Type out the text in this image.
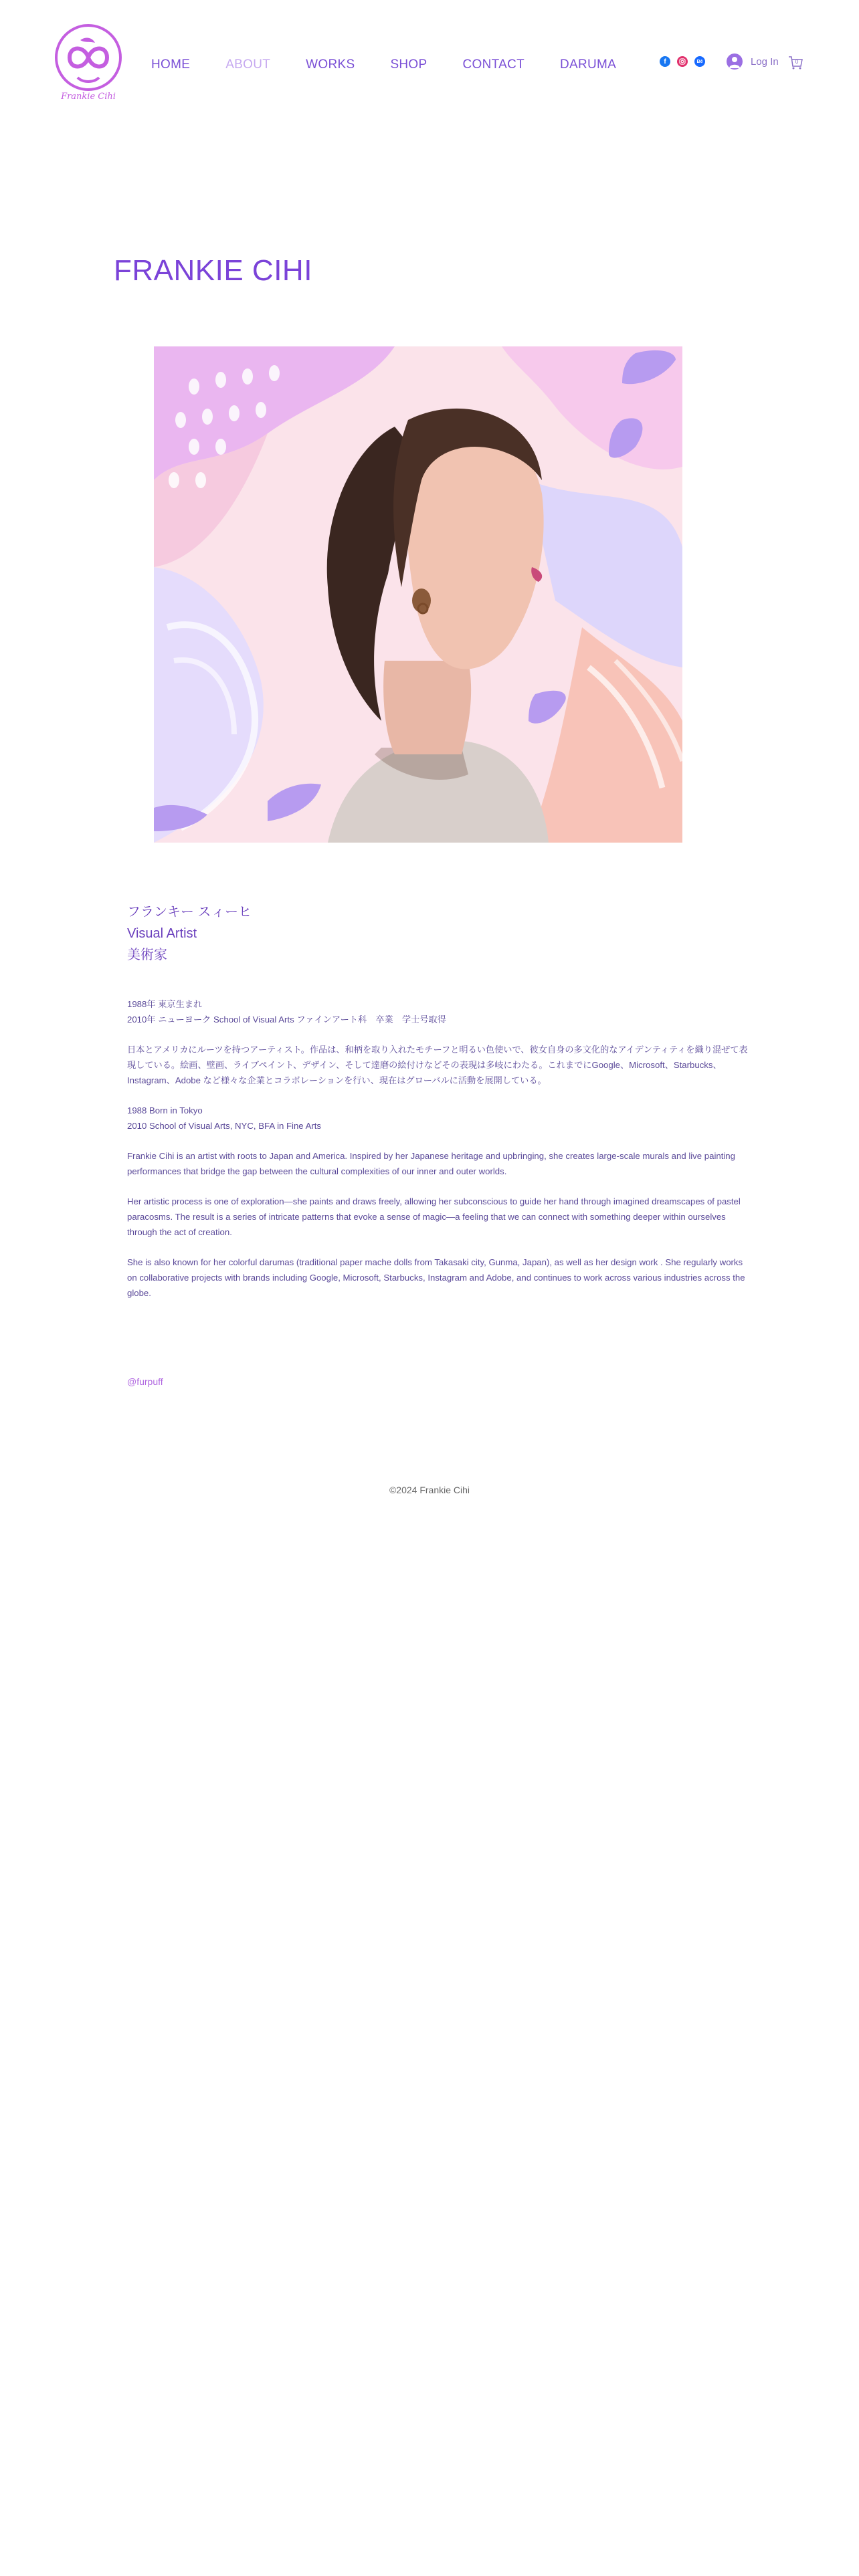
Frankie Cihi
HOME	ABOUT	WORKS	SHOP	CONTACT	DARUMA	f	Bē	Log In	0
FRANKIE CIHI
フランキー スィーヒ
Visual Artist
美術家

1988年 東京生まれ
2010年 ニューヨーク School of Visual Arts ファインアート科　卒業　学士号取得

日本とアメリカにルーツを持つアーティスト。作品は、和柄を取り入れたモチーフと明るい色使いで、彼女自身の多文化的なアイデンティティを織り混ぜて表現している。絵画、壁画、ライブペイント、デザイン、そして達磨の絵付けなどその表現は多岐にわたる。これまでにGoogle、Microsoft、Starbucks、Instagram、Adobe など様々な企業とコラボレーションを行い、現在はグローバルに活動を展開している。

1988 Born in Tokyo
2010 School of Visual Arts, NYC, BFA in Fine Arts

Frankie Cihi is an artist with roots to Japan and America. Inspired by her Japanese heritage and upbringing, she creates large-scale murals and live painting performances that bridge the gap between the cultural complexities of our inner and outer worlds.

Her artistic process is one of exploration—she paints and draws freely, allowing her subconscious to guide her hand through imagined dreamscapes of pastel paracosms. The result is a series of intricate patterns that evoke a sense of magic—a feeling that we can connect with something deeper within ourselves through the act of creation.

She is also known for her colorful darumas (traditional paper mache dolls from Takasaki city, Gunma, Japan), as well as her design work . She regularly works on collaborative projects with brands including Google, Microsoft, Starbucks, Instagram and Adobe, and continues to work across various industries across the globe.

@furpuff
©2024 Frankie Cihi
